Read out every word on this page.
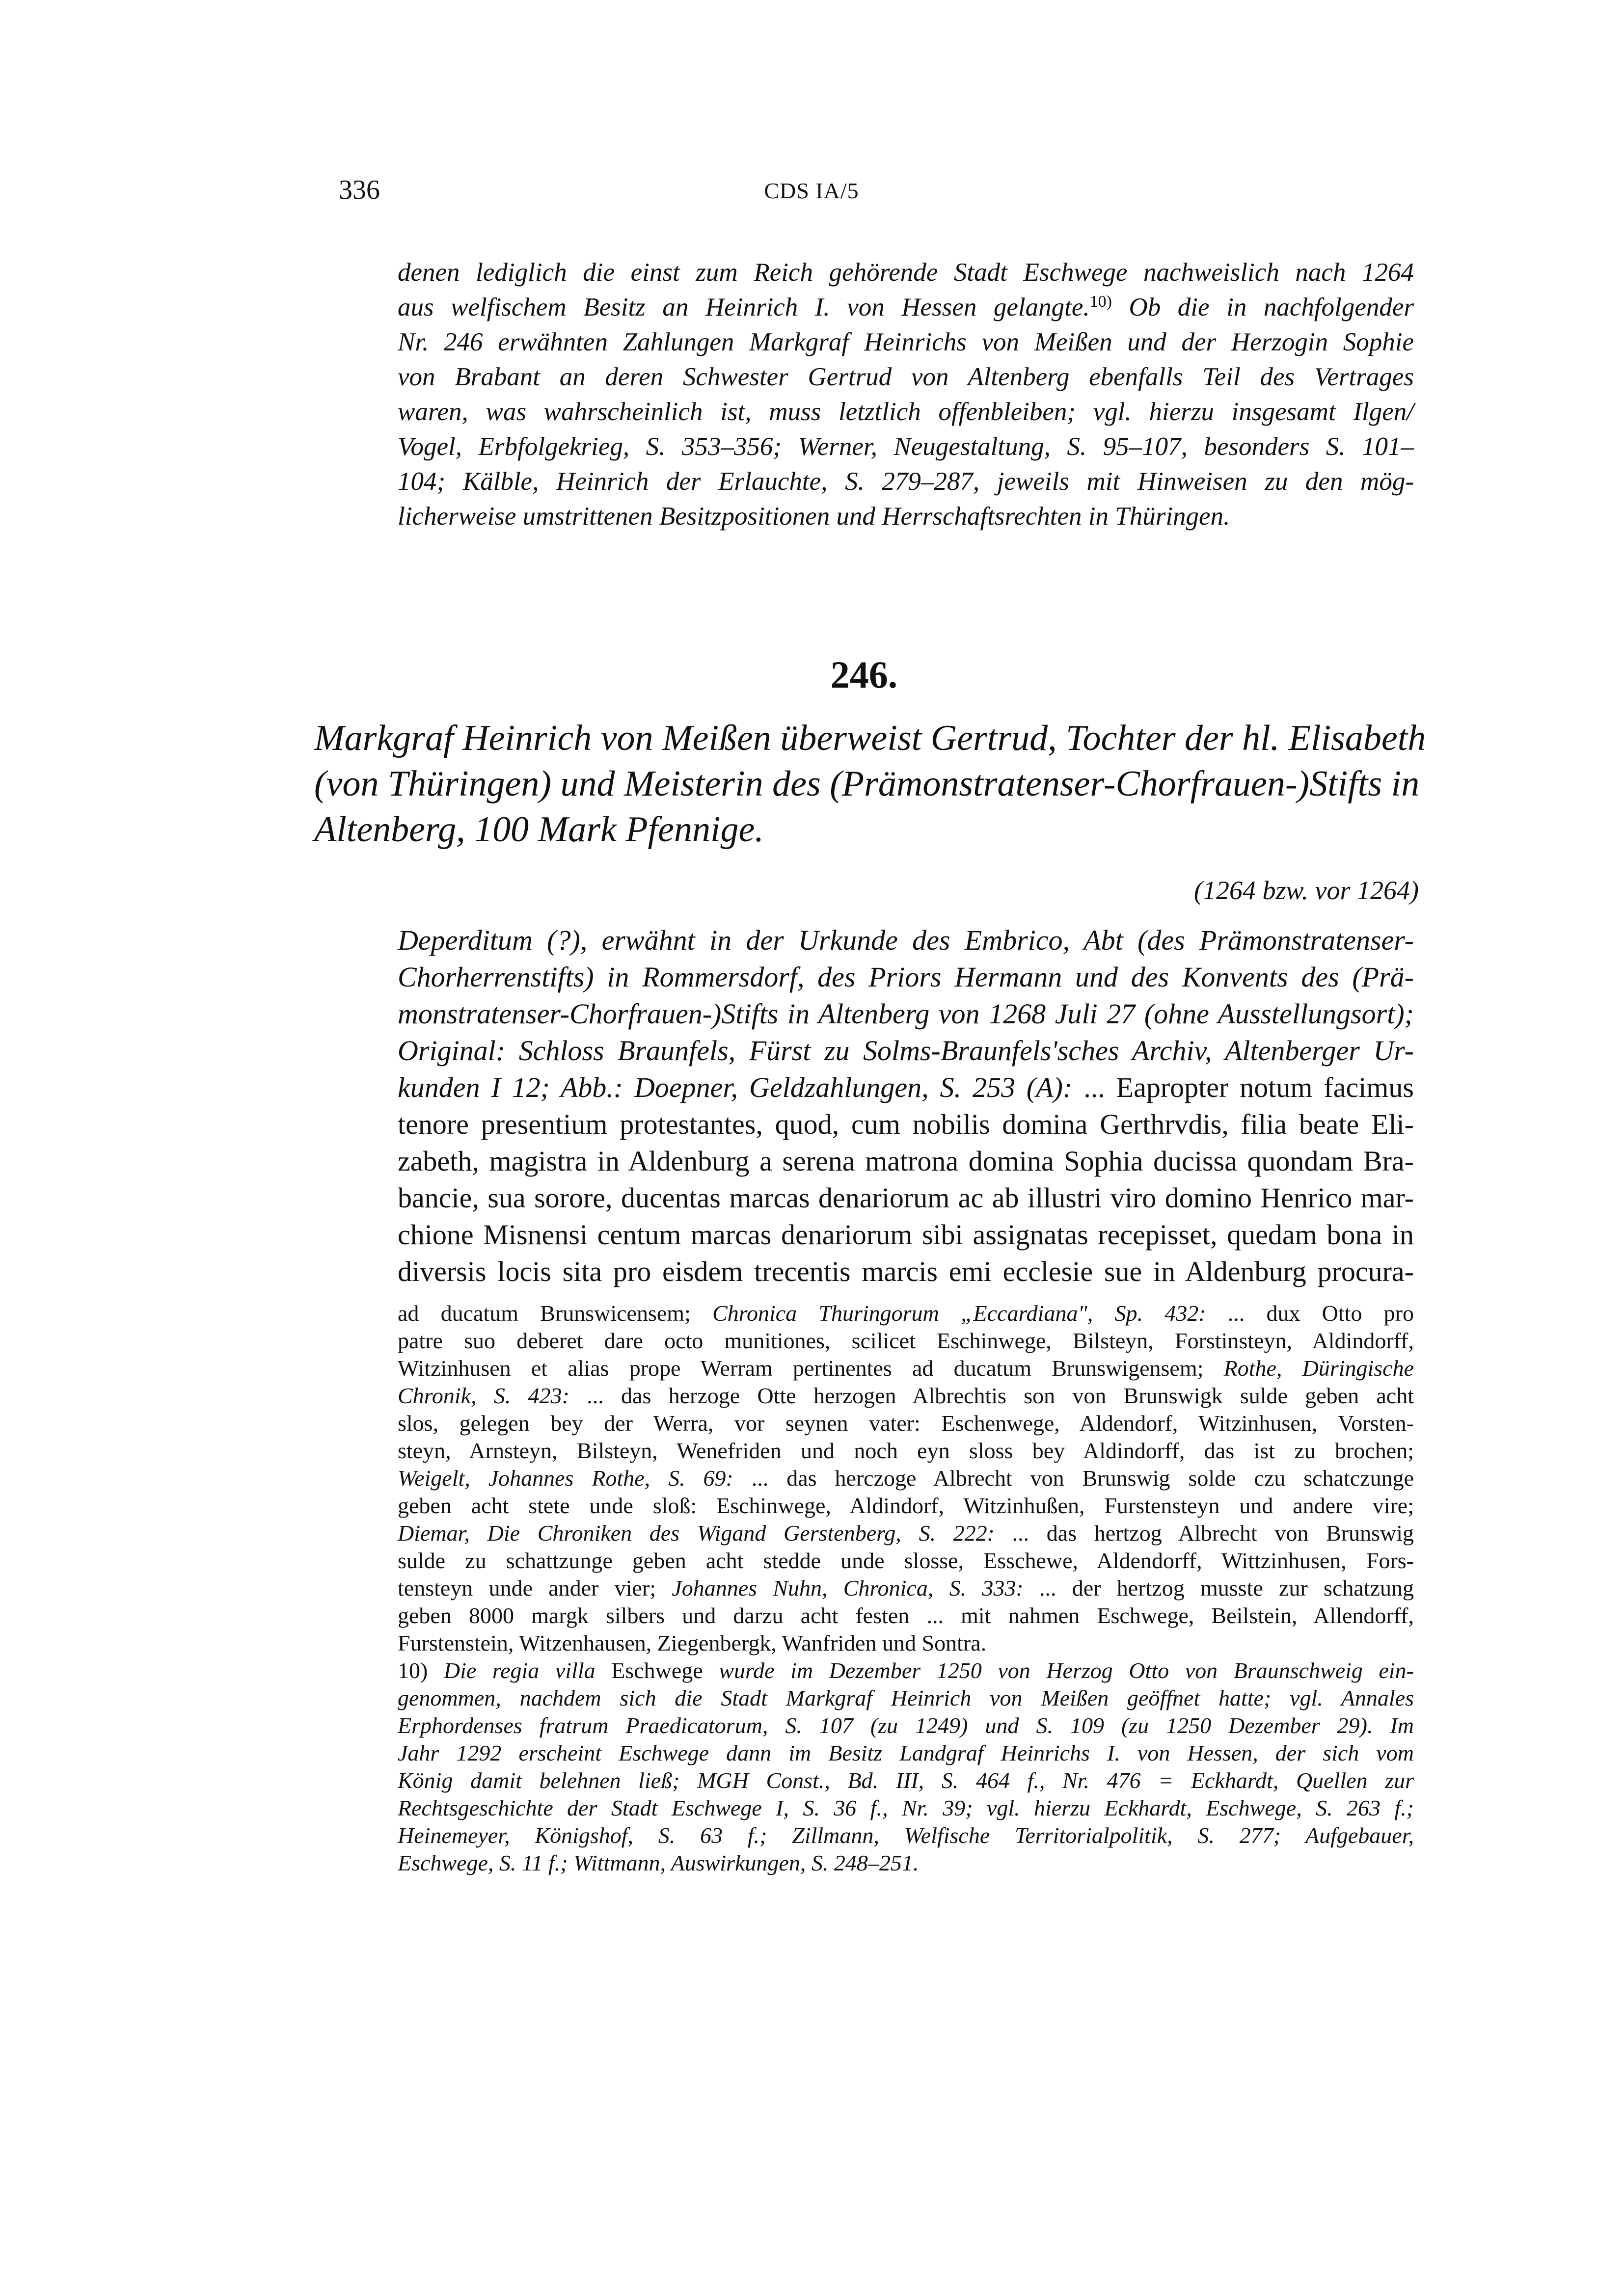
336	CDS IA/5
denen lediglich die einst zum Reich gehörende Stadt Eschwege nachweislich nach 1264
aus welfischem Besitz an Heinrich I. von Hessen gelangte.$^{10)}$ Ob die in nachfolgender
Nr. 246 erwähnten Zahlungen Markgraf Heinrichs von Meißen und der Herzogin Sophie
von Brabant an deren Schwester Gertrud von Altenberg ebenfalls Teil des Vertrages
waren, was wahrscheinlich ist, muss letztlich offenbleiben; vgl. hierzu insgesamt Ilgen/
Vogel, Erbfolgekrieg, S. 353–356; Werner, Neugestaltung, S. 95–107, besonders S. 101–
104; Kälble, Heinrich der Erlauchte, S. 279–287, jeweils mit Hinweisen zu den mög-
licherweise umstrittenen Besitzpositionen und Herrschaftsrechten in Thüringen.
246.
Markgraf Heinrich von Meißen überweist Gertrud, Tochter der hl. Elisabeth
(von Thüringen) und Meisterin des (Prämonstratenser-Chorfrauen-)Stifts in
Altenberg, 100 Mark Pfennige.
(1264 bzw. vor 1264)
Deperditum (?), erwähnt in der Urkunde des Embrico, Abt (des Prämonstratenser-
Chorherrenstifts) in Rommersdorf, des Priors Hermann und des Konvents des (Prä-
monstratenser-Chorfrauen-)Stifts in Altenberg von 1268 Juli 27 (ohne Ausstellungsort);
Original: Schloss Braunfels, Fürst zu Solms-Braunfels'sches Archiv, Altenberger Ur-
kunden I 12; Abb.: Doepner, Geldzahlungen, S. 253 (A): ... Eapropter notum facimus
tenore presentium protestantes, quod, cum nobilis domina Gerthrvdis, filia beate Eli-
zabeth, magistra in Aldenburg a serena matrona domina Sophia ducissa quondam Bra-
bancie, sua sorore, ducentas marcas denariorum ac ab illustri viro domino Henrico mar-
chione Misnensi centum marcas denariorum sibi assignatas recepisset, quedam bona in
diversis locis sita pro eisdem trecentis marcis emi ecclesie sue in Aldenburg procura-
ad ducatum Brunswicensem; Chronica Thuringorum „Eccardiana", Sp. 432: ... dux Otto pro
patre suo deberet dare octo munitiones, scilicet Eschinwege, Bilsteyn, Forstinsteyn, Aldindorff,
Witzinhusen et alias prope Werram pertinentes ad ducatum Brunswigensem; Rothe, Düringische
Chronik, S. 423: ... das herzoge Otte herzogen Albrechtis son von Brunswigk sulde geben acht
slos, gelegen bey der Werra, vor seynen vater: Eschenwege, Aldendorf, Witzinhusen, Vorsten-
steyn, Arnsteyn, Bilsteyn, Wenefriden und noch eyn sloss bey Aldindorff, das ist zu brochen;
Weigelt, Johannes Rothe, S. 69: ... das herczoge Albrecht von Brunswig solde czu schatczunge
geben acht stete unde sloß: Eschinwege, Aldindorf, Witzinhußen, Furstensteyn und andere vire;
Diemar, Die Chroniken des Wigand Gerstenberg, S. 222: ... das hertzog Albrecht von Brunswig
sulde zu schattzunge geben acht stedde unde slosse, Esschewe, Aldendorff, Wittzinhusen, Fors-
tensteyn unde ander vier; Johannes Nuhn, Chronica, S. 333: ... der hertzog musste zur schatzung
geben 8000 margk silbers und darzu acht festen ... mit nahmen Eschwege, Beilstein, Allendorff,
Furstenstein, Witzenhausen, Ziegenbergk, Wanfriden und Sontra.
10) Die regia villa Eschwege wurde im Dezember 1250 von Herzog Otto von Braunschweig ein-
genommen, nachdem sich die Stadt Markgraf Heinrich von Meißen geöffnet hatte; vgl. Annales
Erphordenses fratrum Praedicatorum, S. 107 (zu 1249) und S. 109 (zu 1250 Dezember 29). Im
Jahr 1292 erscheint Eschwege dann im Besitz Landgraf Heinrichs I. von Hessen, der sich vom
König damit belehnen ließ; MGH Const., Bd. III, S. 464 f., Nr. 476 = Eckhardt, Quellen zur
Rechtsgeschichte der Stadt Eschwege I, S. 36 f., Nr. 39; vgl. hierzu Eckhardt, Eschwege, S. 263 f.;
Heinemeyer, Königshof, S. 63 f.; Zillmann, Welfische Territorialpolitik, S. 277; Aufgebauer,
Eschwege, S. 11 f.; Wittmann, Auswirkungen, S. 248–251.
